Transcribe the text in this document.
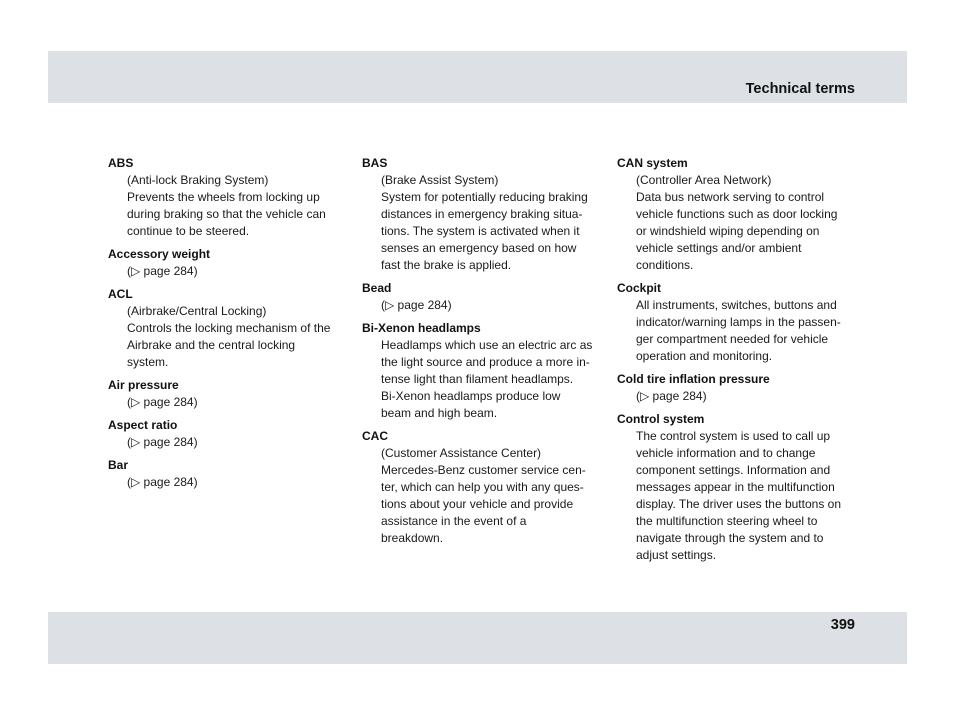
Technical terms
ABS
(Anti-lock Braking System)
Prevents the wheels from locking up
during braking so that the vehicle can
continue to be steered.
Accessory weight
(▷ page 284)
ACL
(Airbrake/Central Locking)
Controls the locking mechanism of the
Airbrake and the central locking
system.
Air pressure
(▷ page 284)
Aspect ratio
(▷ page 284)
Bar
(▷ page 284)
BAS
(Brake Assist System)
System for potentially reducing braking
distances in emergency braking situa-
tions. The system is activated when it
senses an emergency based on how
fast the brake is applied.
Bead
(▷ page 284)
Bi-Xenon headlamps
Headlamps which use an electric arc as
the light source and produce a more in-
tense light than filament headlamps.
Bi-Xenon headlamps produce low
beam and high beam.
CAC
(Customer Assistance Center)
Mercedes-Benz customer service cen-
ter, which can help you with any ques-
tions about your vehicle and provide
assistance in the event of a
breakdown.
CAN system
(Controller Area Network)
Data bus network serving to control
vehicle functions such as door locking
or windshield wiping depending on
vehicle settings and/or ambient
conditions.
Cockpit
All instruments, switches, buttons and
indicator/warning lamps in the passen-
ger compartment needed for vehicle
operation and monitoring.
Cold tire inflation pressure
(▷ page 284)
Control system
The control system is used to call up
vehicle information and to change
component settings. Information and
messages appear in the multifunction
display. The driver uses the buttons on
the multifunction steering wheel to
navigate through the system and to
adjust settings.
399
